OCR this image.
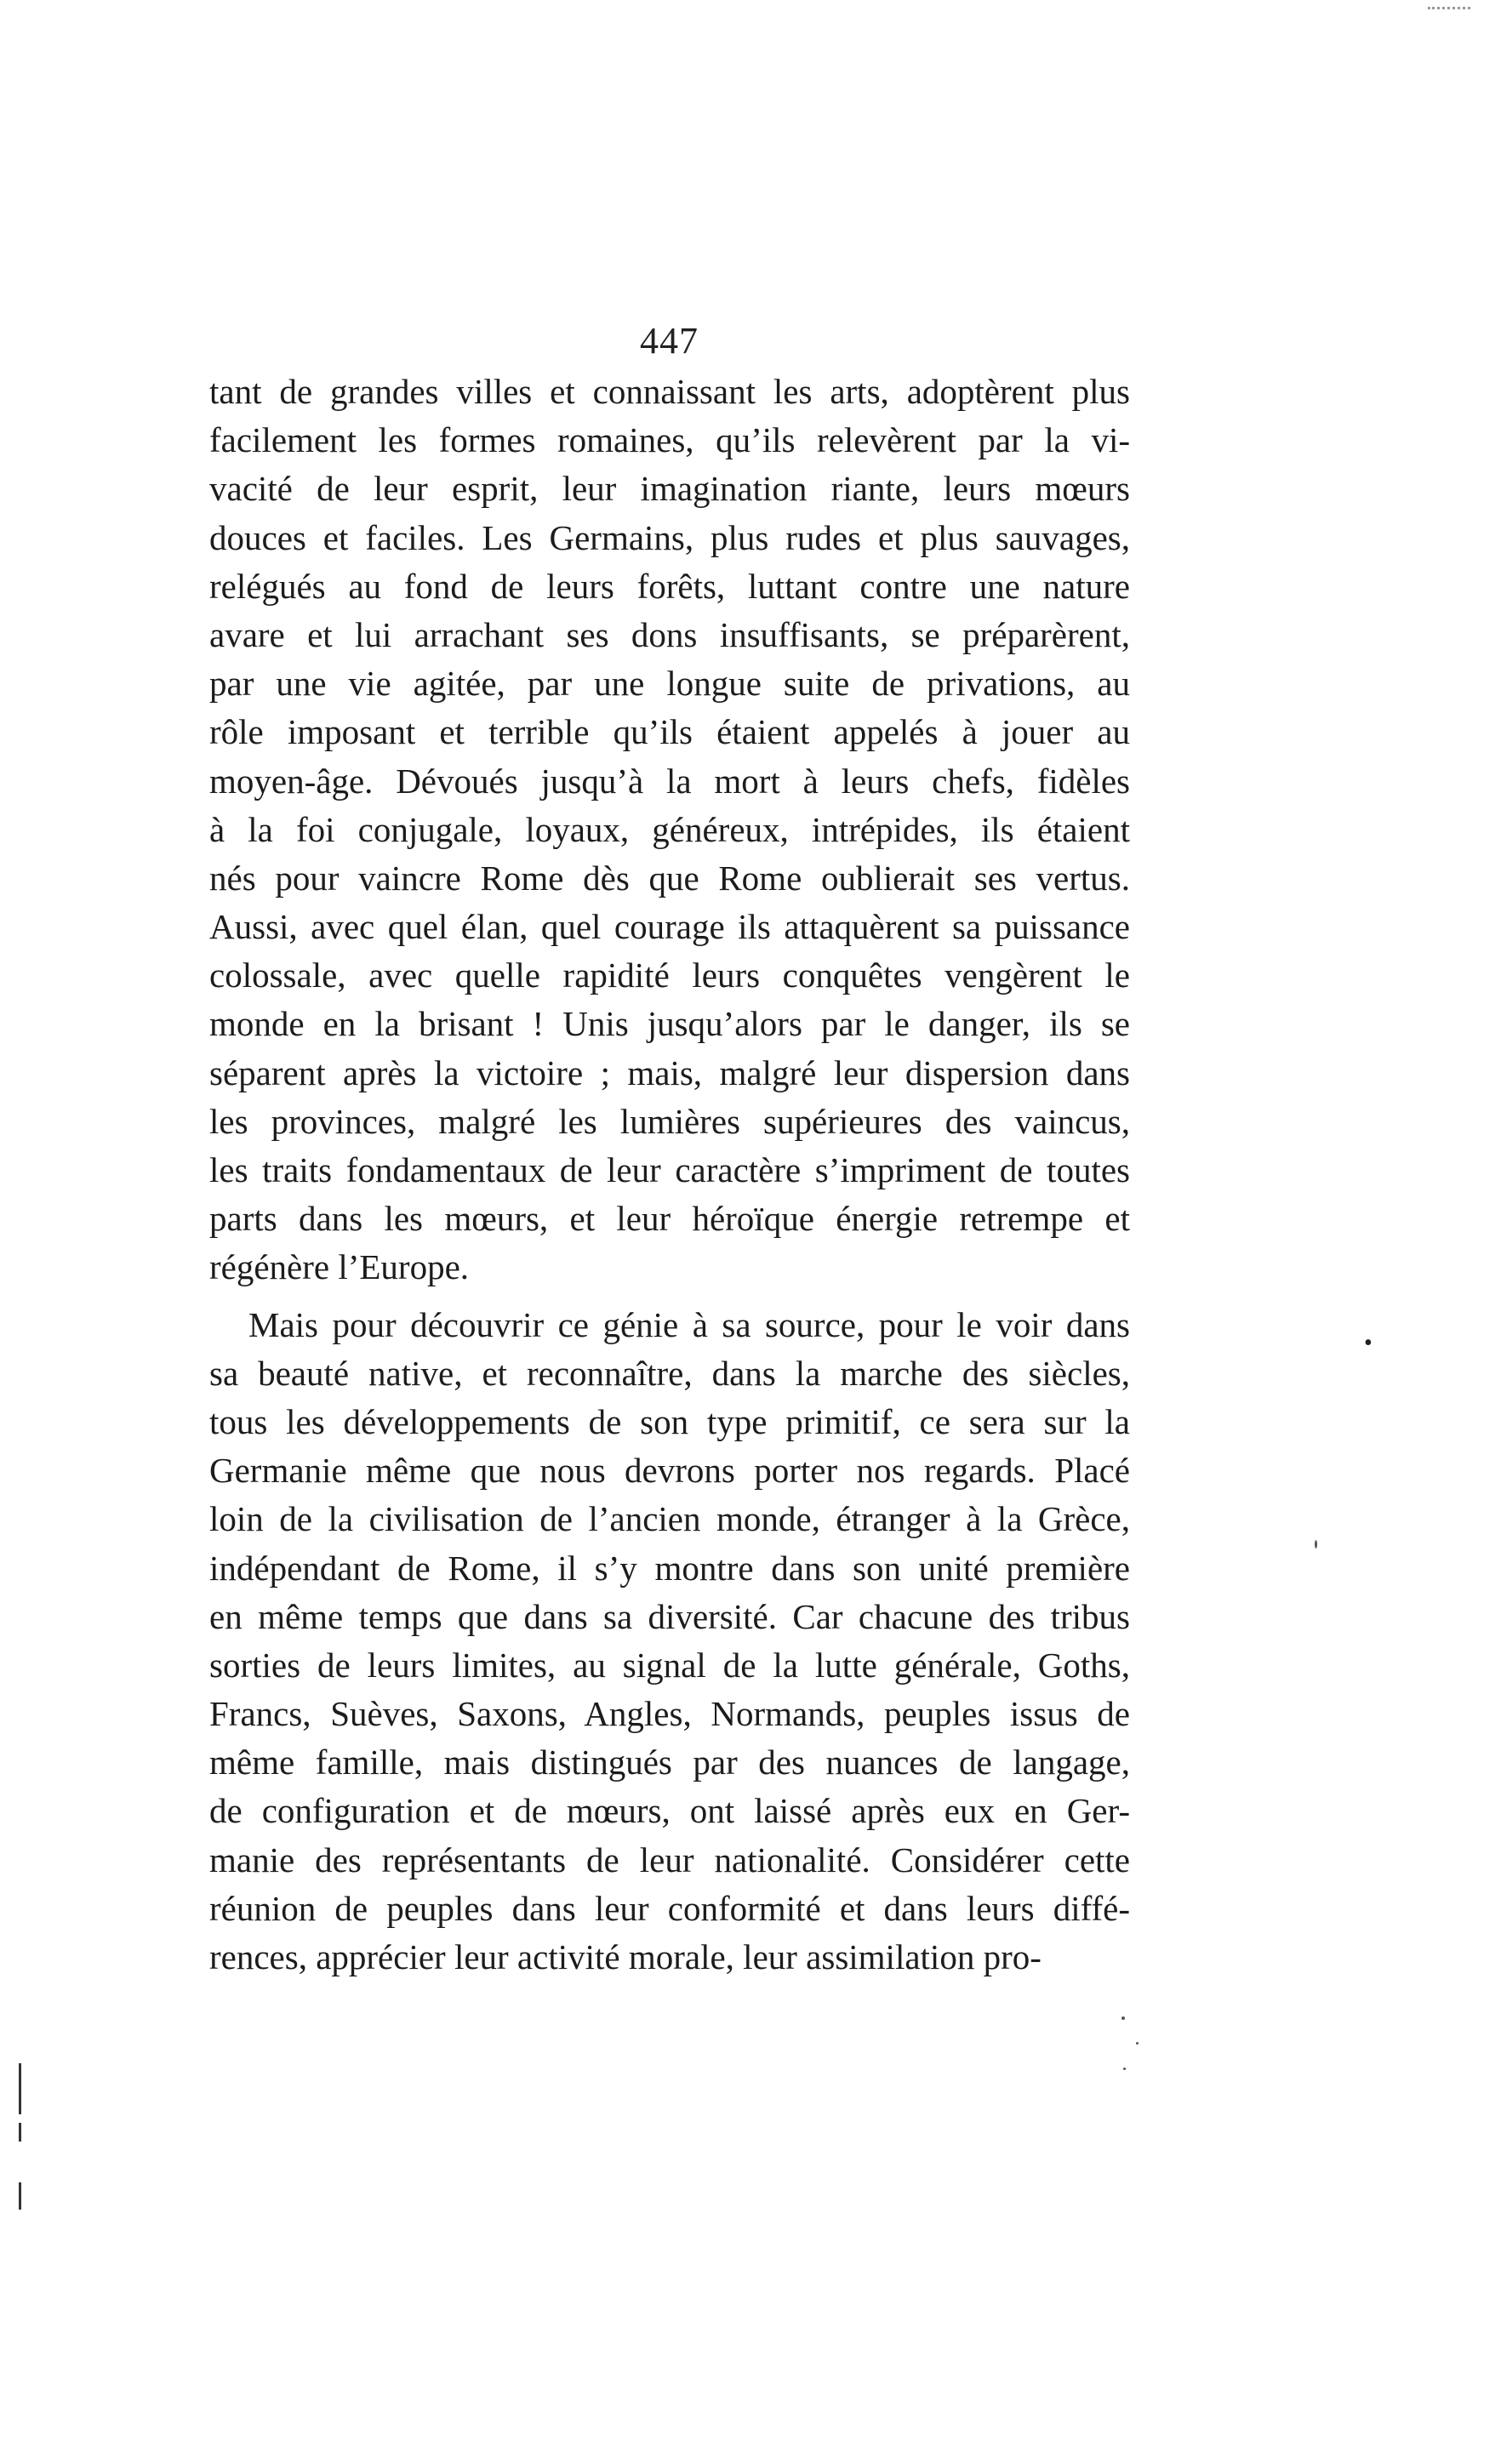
447
tant de grandes villes et connaissant les arts, adoptèrent plus
facilement les formes romaines, qu’ils relevèrent par la vi-
vacité de leur esprit, leur imagination riante, leurs mœurs
douces et faciles. Les Germains, plus rudes et plus sauvages,
relégués au fond de leurs forêts, luttant contre une nature
avare et lui arrachant ses dons insuffisants, se préparèrent,
par une vie agitée, par une longue suite de privations, au
rôle imposant et terrible qu’ils étaient appelés à jouer au
moyen-âge. Dévoués jusqu’à la mort à leurs chefs, fidèles
à la foi conjugale, loyaux, généreux, intrépides, ils étaient
nés pour vaincre Rome dès que Rome oublierait ses vertus.
Aussi, avec quel élan, quel courage ils attaquèrent sa puissance
colossale, avec quelle rapidité leurs conquêtes vengèrent le
monde en la brisant ! Unis jusqu’alors par le danger, ils se
séparent après la victoire ; mais, malgré leur dispersion dans
les provinces, malgré les lumières supérieures des vaincus,
les traits fondamentaux de leur caractère s’impriment de toutes
parts dans les mœurs, et leur héroïque énergie retrempe et
régénère l’Europe.
Mais pour découvrir ce génie à sa source, pour le voir dans
sa beauté native, et reconnaître, dans la marche des siècles,
tous les développements de son type primitif, ce sera sur la
Germanie même que nous devrons porter nos regards. Placé
loin de la civilisation de l’ancien monde, étranger à la Grèce,
indépendant de Rome, il s’y montre dans son unité première
en même temps que dans sa diversité. Car chacune des tribus
sorties de leurs limites, au signal de la lutte générale, Goths,
Francs, Suèves, Saxons, Angles, Normands, peuples issus de
même famille, mais distingués par des nuances de langage,
de configuration et de mœurs, ont laissé après eux en Ger-
manie des représentants de leur nationalité. Considérer cette
réunion de peuples dans leur conformité et dans leurs diffé-
rences, apprécier leur activité morale, leur assimilation pro-
•
